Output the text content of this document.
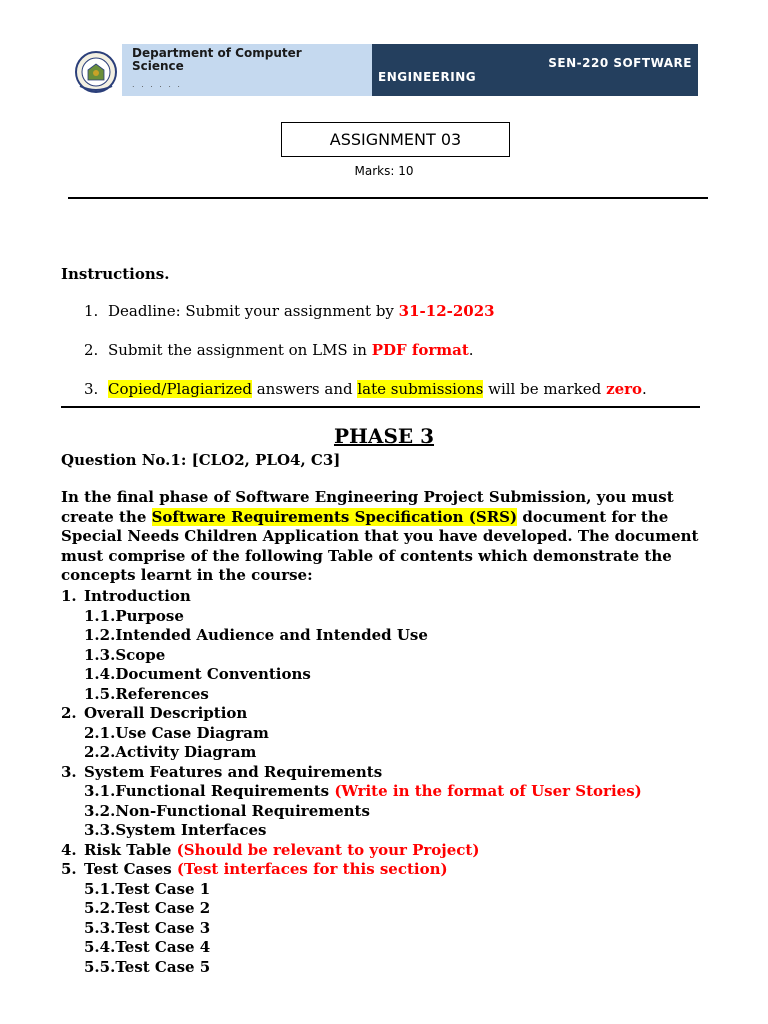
Department of Computer Science
. . . . . .
SEN-220 SOFTWARE
ENGINEERING
ASSIGNMENT 03
Marks: 10
Instructions.
1. Deadline: Submit your assignment by 31-12-2023
2. Submit the assignment on LMS in PDF format.
3. Copied/Plagiarized answers and late submissions will be marked zero.
PHASE 3
Question No.1: [CLO2, PLO4, C3]
In the final phase of Software Engineering Project Submission, you must create the Software Requirements Specification (SRS) document for the Special Needs Children Application that you have developed. The document must comprise of the following Table of contents which demonstrate the concepts learnt in the course:
1. Introduction
1.1.Purpose
1.2.Intended Audience and Intended Use
1.3.Scope
1.4.Document Conventions
1.5.References
2. Overall Description
2.1.Use Case Diagram
2.2.Activity Diagram
3. System Features and Requirements
3.1.Functional Requirements (Write in the format of User Stories)
3.2.Non-Functional Requirements
3.3.System Interfaces
4. Risk Table (Should be relevant to your Project)
5. Test Cases (Test interfaces for this section)
5.1.Test Case 1
5.2.Test Case 2
5.3.Test Case 3
5.4.Test Case 4
5.5.Test Case 5
